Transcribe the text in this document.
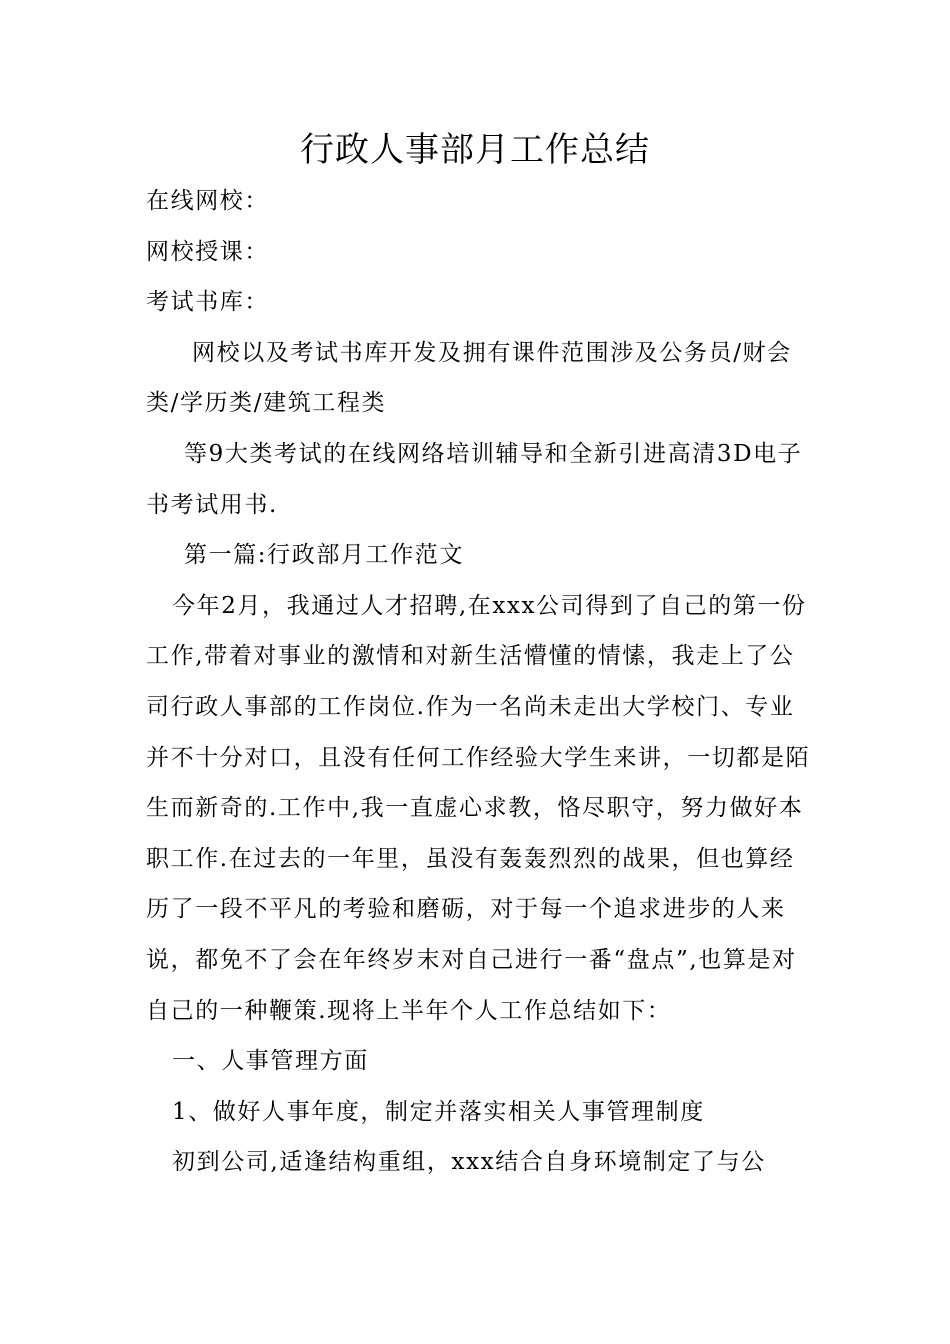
行政人事部月工作总结

在线网校：

网校授课：

考试书库：

网校以及考试书库开发及拥有课件范围涉及公务员/财会类/学历类/建筑工程类

等9大类考试的在线网络培训辅导和全新引进高清3D电子书考试用书.

第一篇:行政部月工作范文

今年2月，我通过人才招聘,在xxx公司得到了自己的第一份工作,带着对事业的激情和对新生活懵懂的情愫，我走上了公司行政人事部的工作岗位.作为一名尚未走出大学校门、专业并不十分对口，且没有任何工作经验大学生来讲，一切都是陌生而新奇的.工作中,我一直虚心求教，恪尽职守，努力做好本职工作.在过去的一年里，虽没有轰轰烈烈的战果，但也算经历了一段不平凡的考验和磨砺，对于每一个追求进步的人来说，都免不了会在年终岁末对自己进行一番“盘点”,也算是对自己的一种鞭策.现将上半年个人工作总结如下：

一、人事管理方面

1、做好人事年度，制定并落实相关人事管理制度

初到公司,适逢结构重组，xxx结合自身环境制定了与公
